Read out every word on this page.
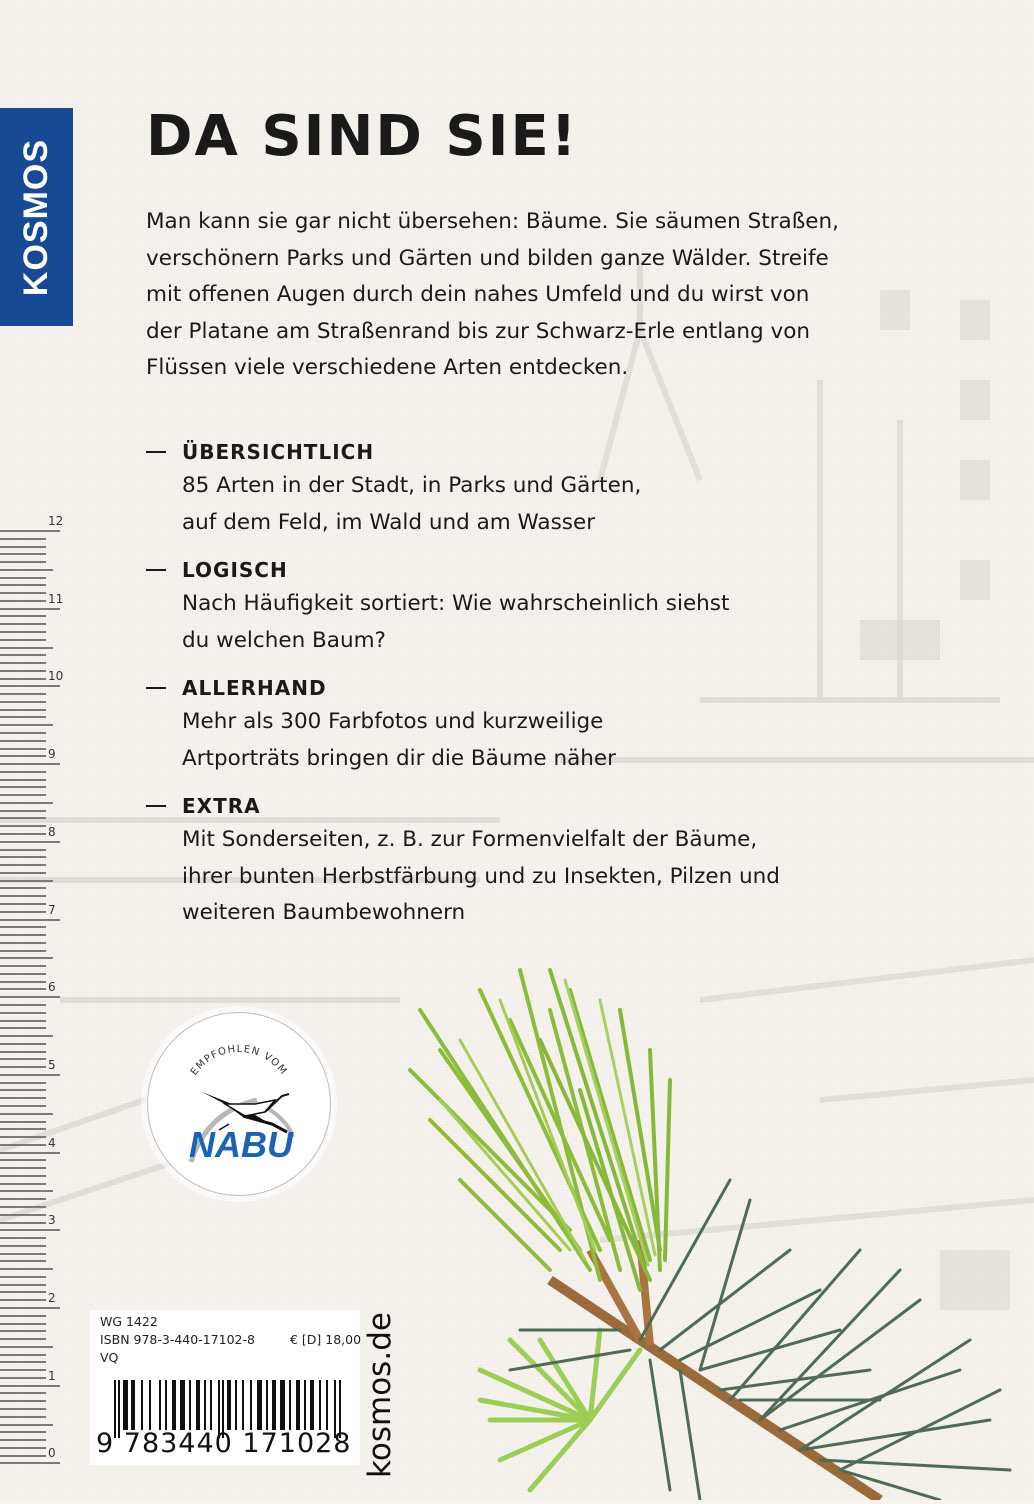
KOSMOS
DA SIND SIE!
Man kann sie gar nicht übersehen: Bäume. Sie säumen Straßen, verschönern Parks und Gärten und bilden ganze Wälder. Streife mit offenen Augen durch dein nahes Umfeld und du wirst von der Platane am Straßenrand bis zur Schwarz-Erle entlang von Flüssen viele verschiedene Arten entdecken.
ÜBERSICHTLICH
85 Arten in der Stadt, in Parks und Gärten, auf dem Feld, im Wald und am Wasser
LOGISCH
Nach Häufigkeit sortiert: Wie wahrscheinlich siehst du welchen Baum?
ALLERHAND
Mehr als 300 Farbfotos und kurzweilige Artporträts bringen dir die Bäume näher
EXTRA
Mit Sonderseiten, z. B. zur Formenvielfalt der Bäume, ihrer bunten Herbstfärbung und zu Insekten, Pilzen und weiteren Baumbewohnern
12
11
10
9
8
7
6
5
4
3
2
1
0
EMPFOHLEN VOM
NABU
WG 1422
ISBN 978-3-440-17102-8	€ [D] 18,00
VQ
9 783440 171028 kosmos.de
